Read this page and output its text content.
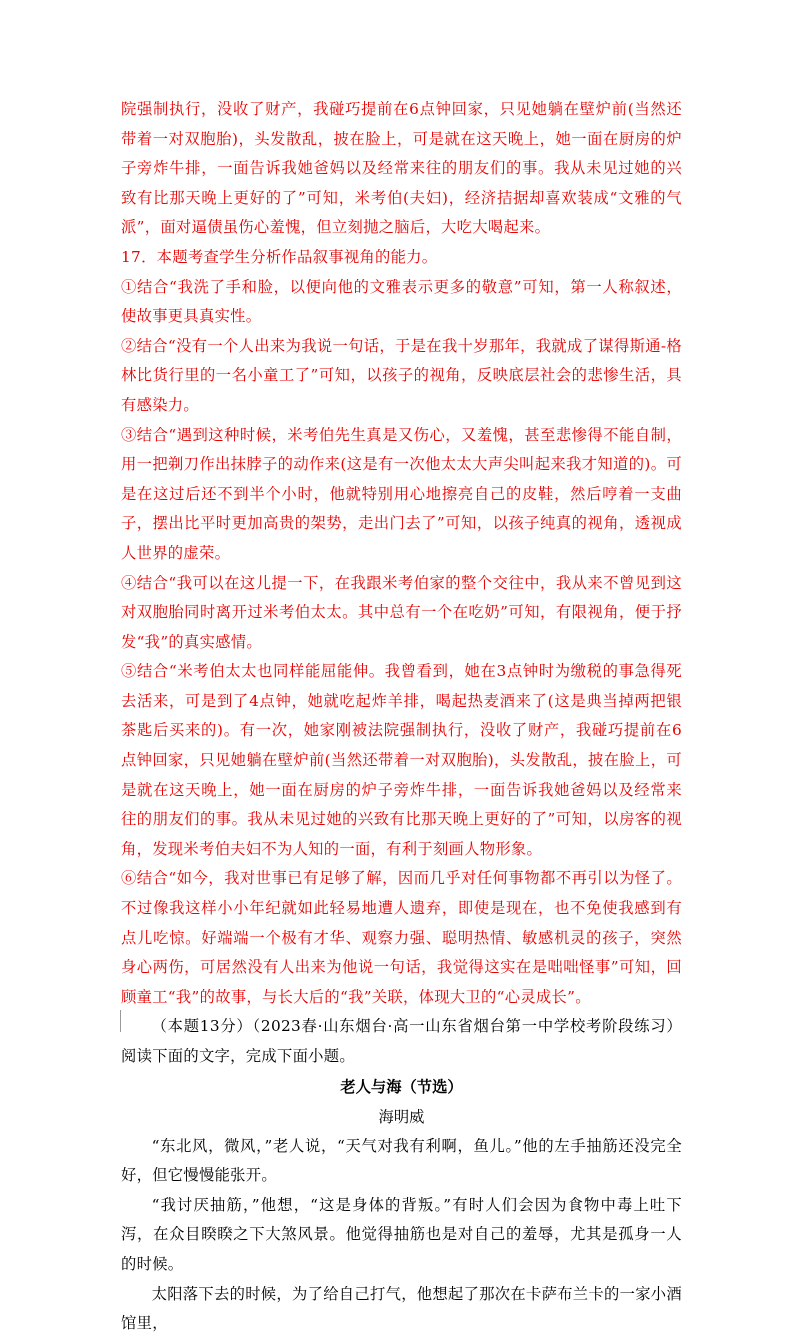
院强制执行，没收了财产，我碰巧提前在6点钟回家，只见她躺在壁炉前(当然还带着一对双胞胎)，头发散乱，披在脸上，可是就在这天晚上，她一面在厨房的炉子旁炸牛排，一面告诉我她爸妈以及经常来往的朋友们的事。我从未见过她的兴致有比那天晚上更好的了”可知，米考伯(夫妇)，经济拮据却喜欢装成“文雅的气派”，面对逼债虽伤心羞愧，但立刻抛之脑后，大吃大喝起来。

17．本题考查学生分析作品叙事视角的能力。

①结合“我洗了手和脸，以便向他的文雅表示更多的敬意”可知，第一人称叙述，使故事更具真实性。

②结合“没有一个人出来为我说一句话，于是在我十岁那年，我就成了谋得斯通-格林比货行里的一名小童工了”可知，以孩子的视角，反映底层社会的悲惨生活，具有感染力。

③结合“遇到这种时候，米考伯先生真是又伤心，又羞愧，甚至悲惨得不能自制，用一把剃刀作出抹脖子的动作来(这是有一次他太太大声尖叫起来我才知道的)。可是在这过后还不到半个小时，他就特别用心地擦亮自己的皮鞋，然后哼着一支曲子，摆出比平时更加高贵的架势，走出门去了”可知，以孩子纯真的视角，透视成人世界的虚荣。

④结合“我可以在这儿提一下，在我跟米考伯家的整个交往中，我从来不曾见到这对双胞胎同时离开过米考伯太太。其中总有一个在吃奶”可知，有限视角，便于抒发“我”的真实感情。

⑤结合“米考伯太太也同样能屈能伸。我曾看到，她在3点钟时为缴税的事急得死去活来，可是到了4点钟，她就吃起炸羊排，喝起热麦酒来了(这是典当掉两把银茶匙后买来的)。有一次，她家刚被法院强制执行，没收了财产，我碰巧提前在6点钟回家，只见她躺在壁炉前(当然还带着一对双胞胎)，头发散乱，披在脸上，可是就在这天晚上，她一面在厨房的炉子旁炸牛排，一面告诉我她爸妈以及经常来往的朋友们的事。我从未见过她的兴致有比那天晚上更好的了”可知，以房客的视角，发现米考伯夫妇不为人知的一面，有利于刻画人物形象。

⑥结合“如今，我对世事已有足够了解，因而几乎对任何事物都不再引以为怪了。不过像我这样小小年纪就如此轻易地遭人遗弃，即使是现在，也不免使我感到有点儿吃惊。好端端一个极有才华、观察力强、聪明热情、敏感机灵的孩子，突然身心两伤，可居然没有人出来为他说一句话，我觉得这实在是咄咄怪事”可知，回顾童工“我”的故事，与长大后的“我”关联，体现大卫的“心灵成长”。

（本题13分）（2023春·山东烟台·高一山东省烟台第一中学校考阶段练习）阅读下面的文字，完成下面小题。

老人与海（节选）

海明威

“东北风，微风，”老人说，“天气对我有利啊，鱼儿。”他的左手抽筋还没完全好，但它慢慢能张开。

“我讨厌抽筋，”他想，“这是身体的背叛。”有时人们会因为食物中毒上吐下泻，在众目睽睽之下大煞风景。他觉得抽筋也是对自己的羞辱，尤其是孤身一人的时候。

太阳落下去的时候，为了给自己打气，他想起了那次在卡萨布兰卡的一家小酒馆里，
